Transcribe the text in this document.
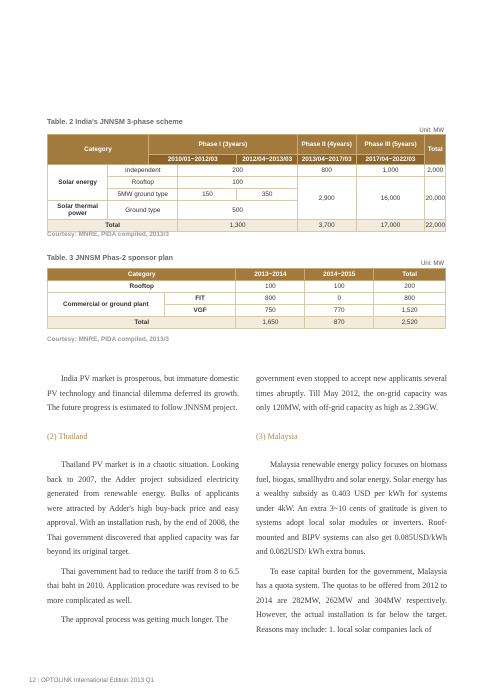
Table. 2 India's JNNSM 3-phase scheme
Unit: MW
Category		Phase I (3years)			Phase II (4years)	Phase III (5years)	Total
		2010/01~2012/03		2012/04~2013/03	2013/04~2017/03	2017/04~2022/03	
Solar energy	Independent		200		800	1,000	2,000
	Rooftop		100		2,900	16,000	20,000
	5MW ground type		150	350			
Solar thermal power	Ground type		500				
Total			1,300		3,700	17,000	22,000
Courtesy: MNRE, PIDA compiled, 2013/3
Table. 3 JNNSM Phas-2 sponsor plan
Uni: MW
Category		2013~2014	2014~2015	Total
Rooftop		100	100	200
Commercial or ground plant	FIT	800	0	800
	VGF	750	770	1,520
Total		1,650	870	2,520
Courtesy: MNRE, PIDA compiled, 2013/3

India PV market is prosperous, but immature domestic PV technology and financial dilemma deferred its growth. The future progress is estimated to follow JNNSM project.

(2) Thailand

Thailand PV market is in a chaotic situation. Looking back to 2007, the Adder project subsidized electricity generated from renewable energy. Bulks of applicants were attracted by Adder's high buy-back price and easy approval. With an installation rush, by the end of 2008, the Thai government discovered that applied capacity was far beyond its original target.

Thai government had to reduce the tariff from 8 to 6.5 thai baht in 2010. Application procedure was revised to be more complicated as well.

The approval process was getting much longer. The

government even stopped to accept new applicants several times abruptly. Till May 2012, the on-grid capacity was only 120MW, with off-grid capacity as high as 2.39GW.

(3) Malaysia

Malaysia renewable energy policy focuses on biomass fuel, biogas, smallhydro and solar energy. Solar energy has a wealthy subsidy as 0.403 USD per kWh for systems under 4kW. An extra 3~10 cents of gratitude is given to systems adopt local solar modules or inverters. Roof-mounted and BIPV systems can also get 0.085USD/kWh and 0.082USD/ kWh extra bonus.

To ease capital burden for the government, Malaysia has a quota system. The quotas to be offered from 2012 to 2014 are 282MW, 262MW and 304MW respectively. However, the actual installation is far below the target. Reasons may include: 1. local solar companies lack of

12 | OPTOLINK International Edition 2013 Q1
